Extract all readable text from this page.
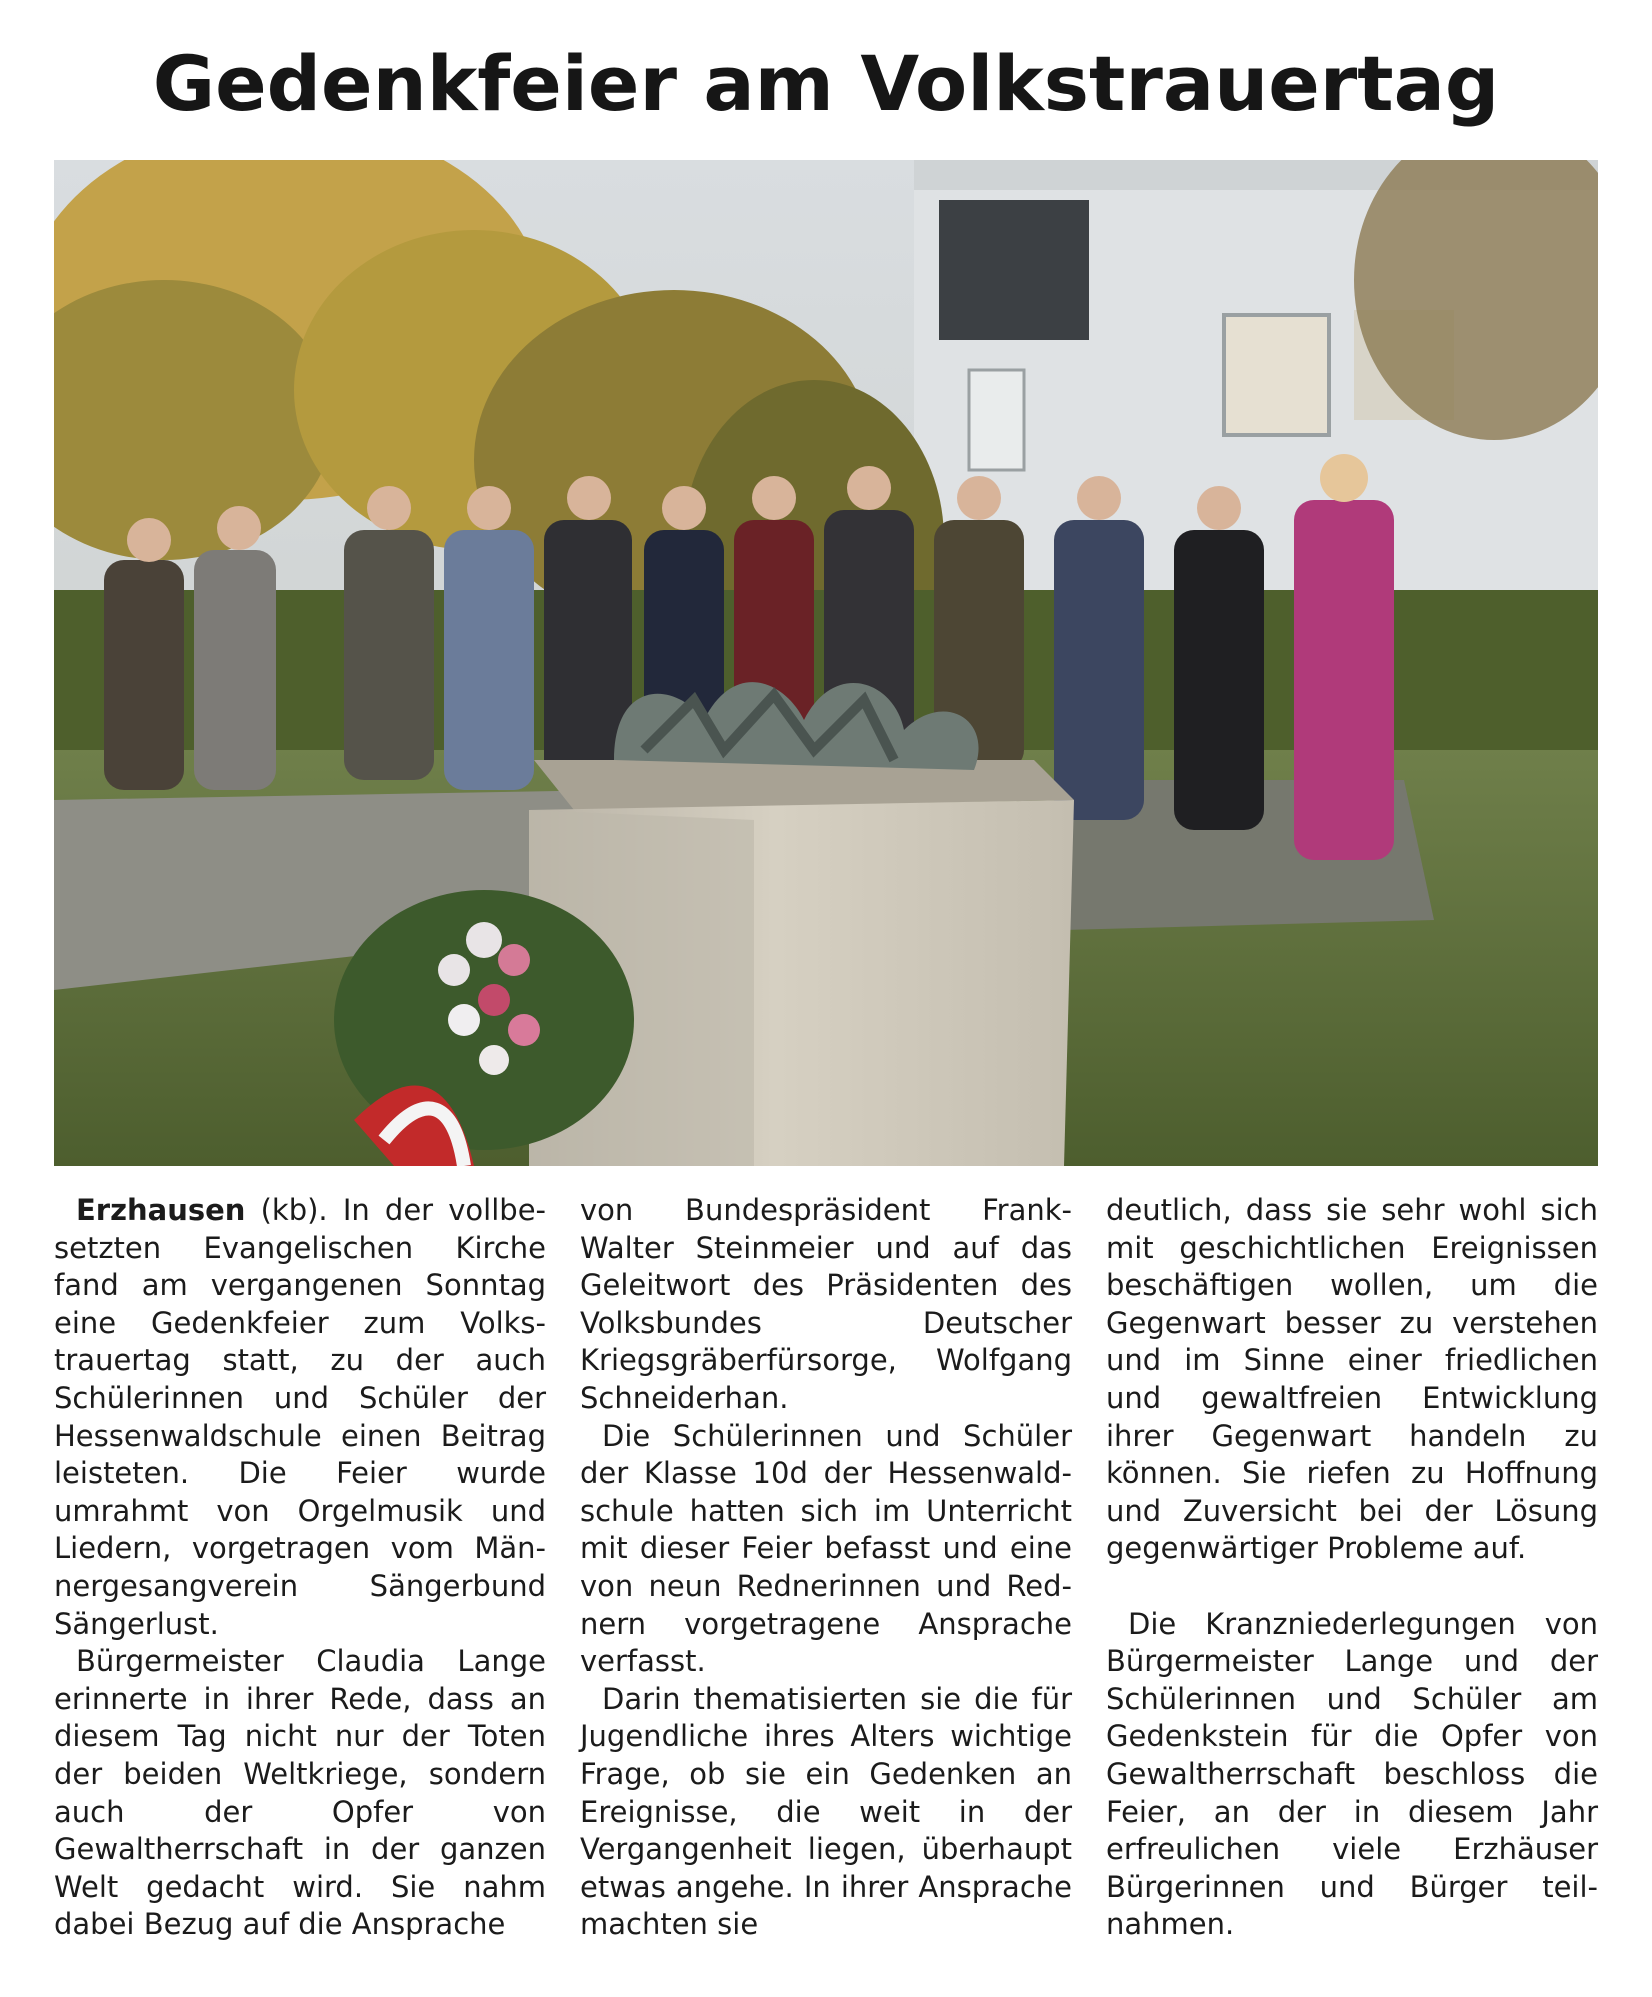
Gedenkfeier am Volkstrauertag

Erzhausen (kb). In der vollbesetzten Evangelischen Kirche fand am vergangenen Sonntag eine Gedenkfeier zum Volkstrauertag statt, zu der auch Schülerinnen und Schüler der Hessenwaldschule einen Beitrag leisteten. Die Feier wurde umrahmt von Orgelmusik und Liedern, vorgetragen vom Männergesangverein Sängerbund Sängerlust.

Bürgermeister Claudia Lange erinnerte in ihrer Rede, dass an diesem Tag nicht nur der Toten der beiden Weltkriege, sondern auch der Opfer von Gewaltherrschaft in der ganzen Welt gedacht wird. Sie nahm dabei Bezug auf die Ansprache

von Bundespräsident Frank-Walter Steinmeier und auf das Geleitwort des Präsidenten des Volksbundes Deutscher Kriegsgräberfürsorge, Wolfgang Schneiderhan.

Die Schülerinnen und Schüler der Klasse 10d der Hessenwaldschule hatten sich im Unterricht mit dieser Feier befasst und eine von neun Rednerinnen und Rednern vorgetragene Ansprache verfasst.

Darin thematisierten sie die für Jugendliche ihres Alters wichtige Frage, ob sie ein Gedenken an Ereignisse, die weit in der Vergangenheit liegen, überhaupt etwas angehe. In ihrer Ansprache machten sie

deutlich, dass sie sehr wohl sich mit geschichtlichen Ereignissen beschäftigen wollen, um die Gegenwart besser zu verstehen und im Sinne einer friedlichen und gewaltfreien Entwicklung ihrer Gegenwart handeln zu können. Sie riefen zu Hoffnung und Zuversicht bei der Lösung gegenwärtiger Probleme auf.

Die Kranzniederlegungen von Bürgermeister Lange und der Schülerinnen und Schüler am Gedenkstein für die Opfer von Gewaltherrschaft beschloss die Feier, an der in diesem Jahr erfreulichen viele Erzhäuser Bürgerinnen und Bürger teilnahmen.
